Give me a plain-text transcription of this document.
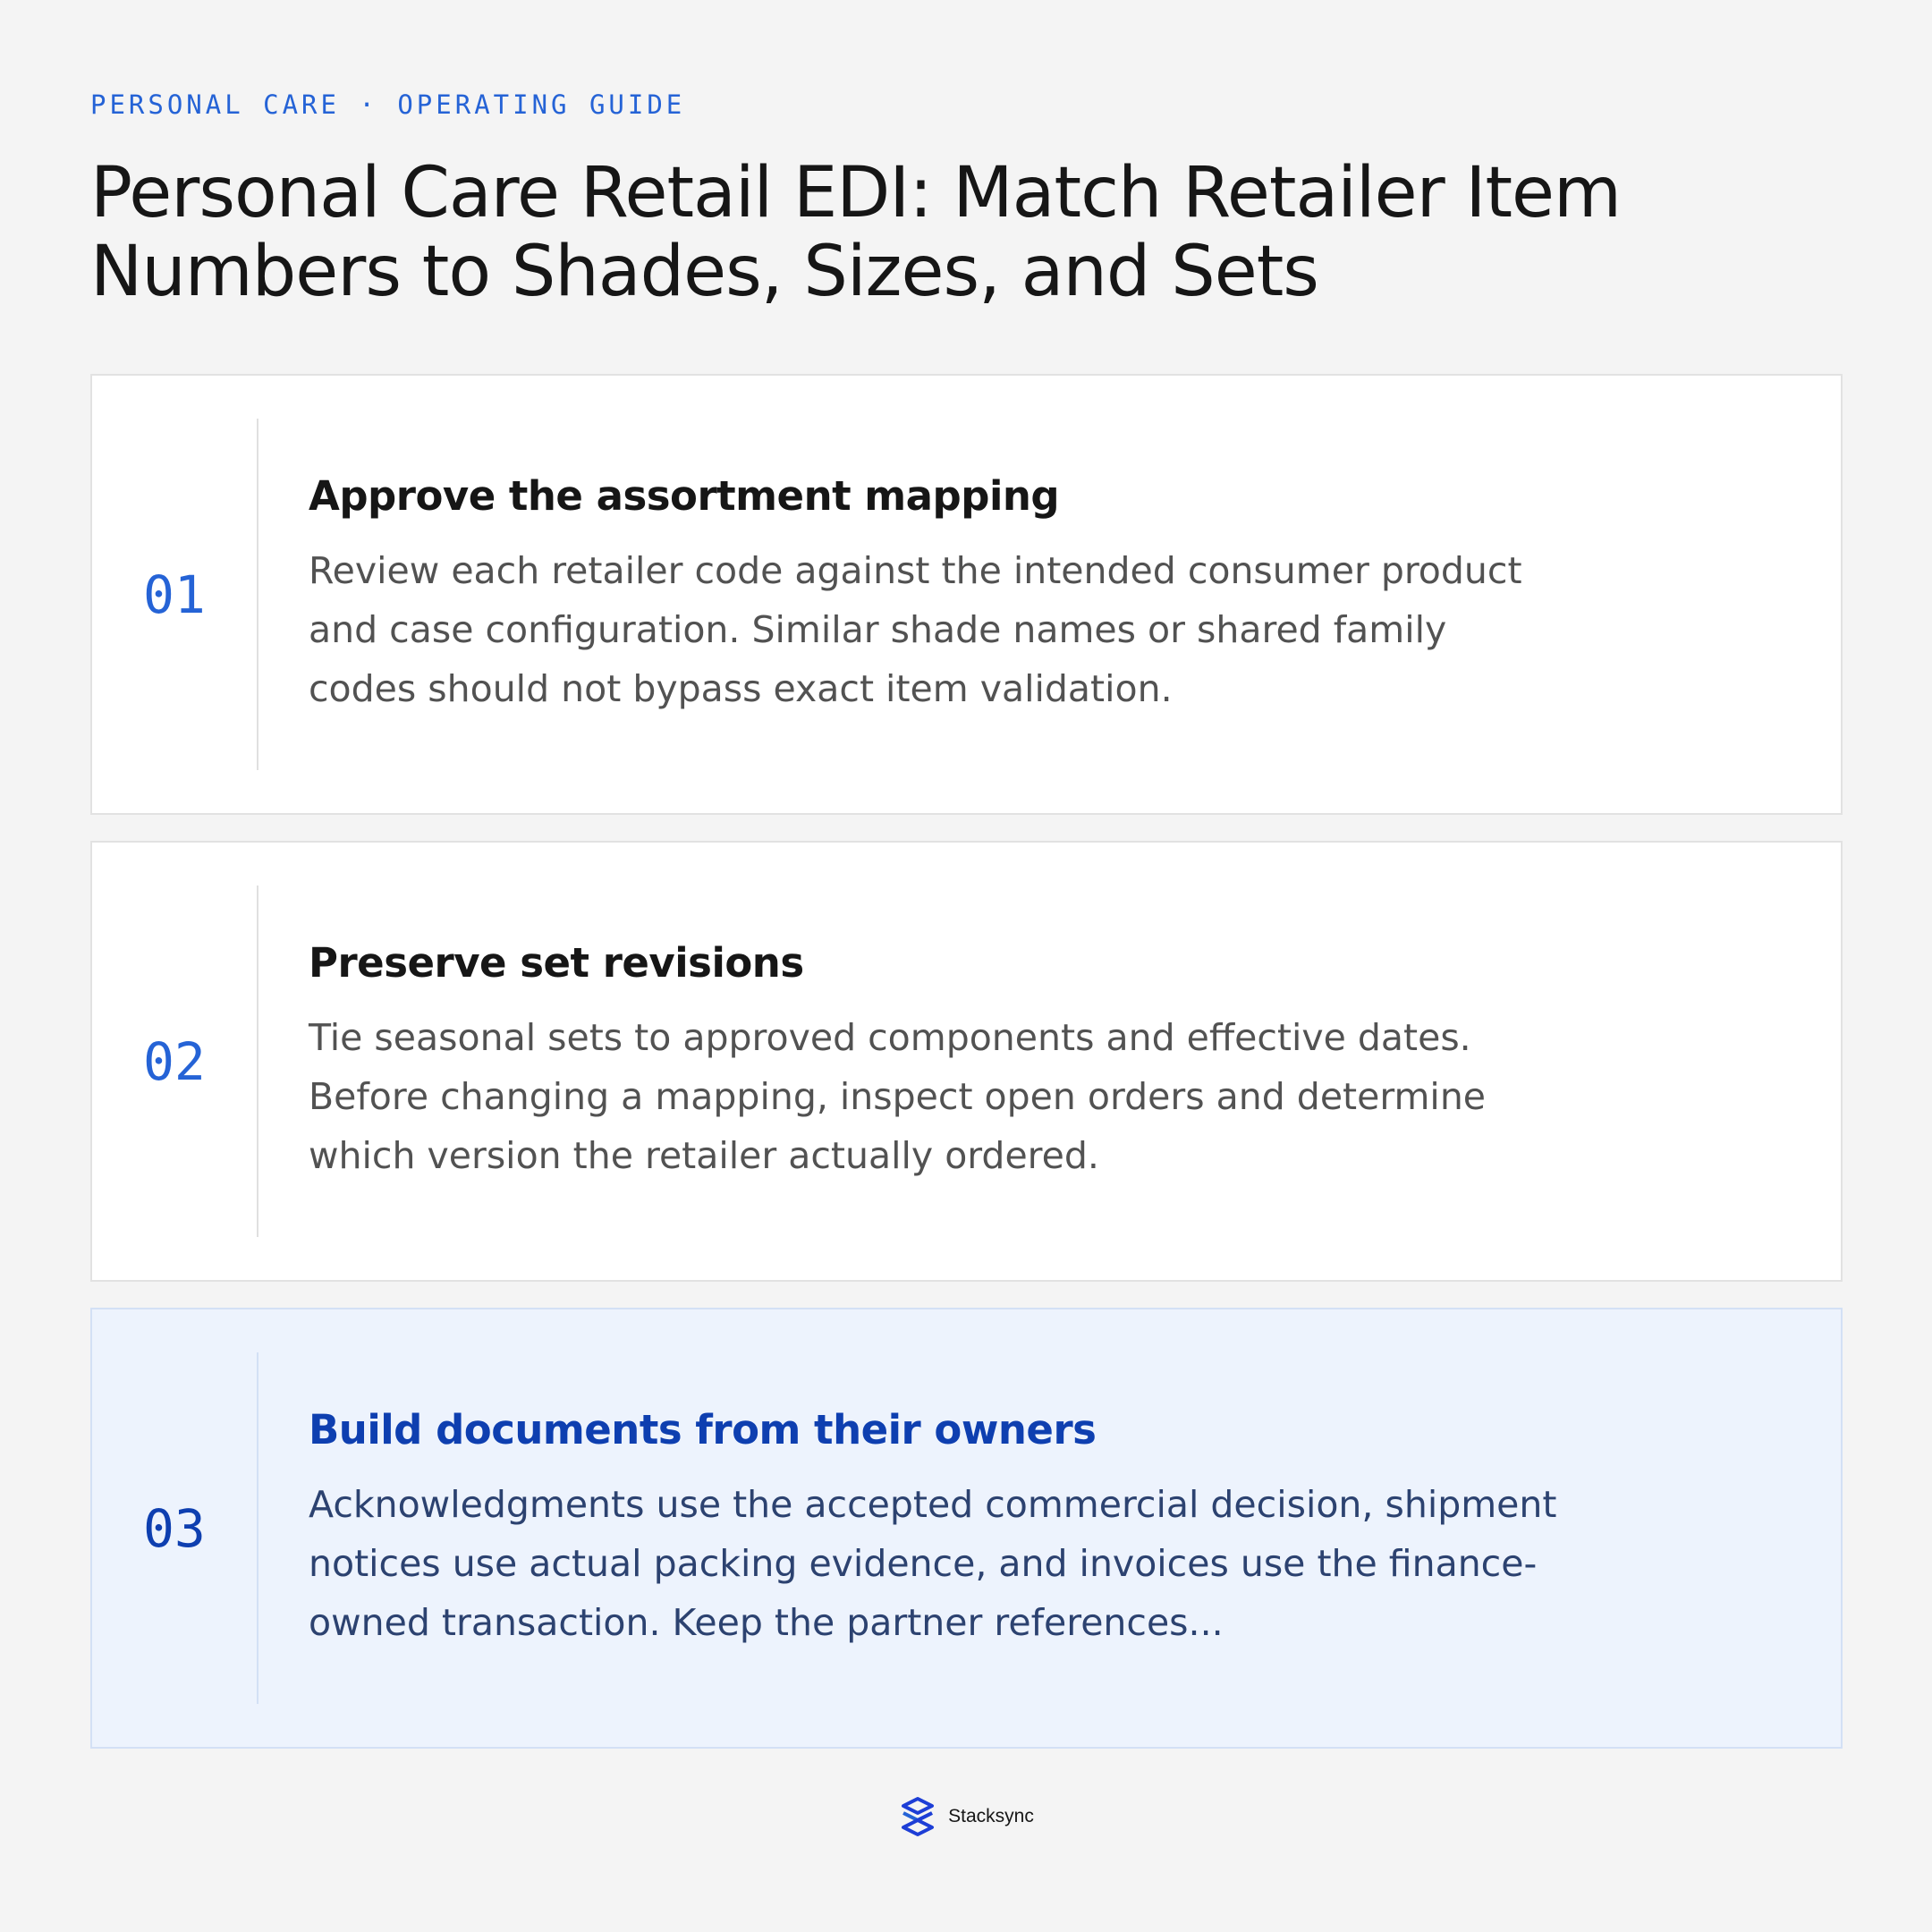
PERSONAL CARE · OPERATING GUIDE
Personal Care Retail EDI: Match Retailer Item Numbers to Shades, Sizes, and Sets
01
Approve the assortment mapping

Review each retailer code against the intended consumer product and case configuration. Similar shade names or shared family codes should not bypass exact item validation.

02
Preserve set revisions

Tie seasonal sets to approved components and effective dates. Before changing a mapping, inspect open orders and determine which version the retailer actually ordered.

03
Build documents from their owners

Acknowledgments use the accepted commercial decision, shipment notices use actual packing evidence, and invoices use the finance-owned transaction. Keep the partner references...

Stacksync
